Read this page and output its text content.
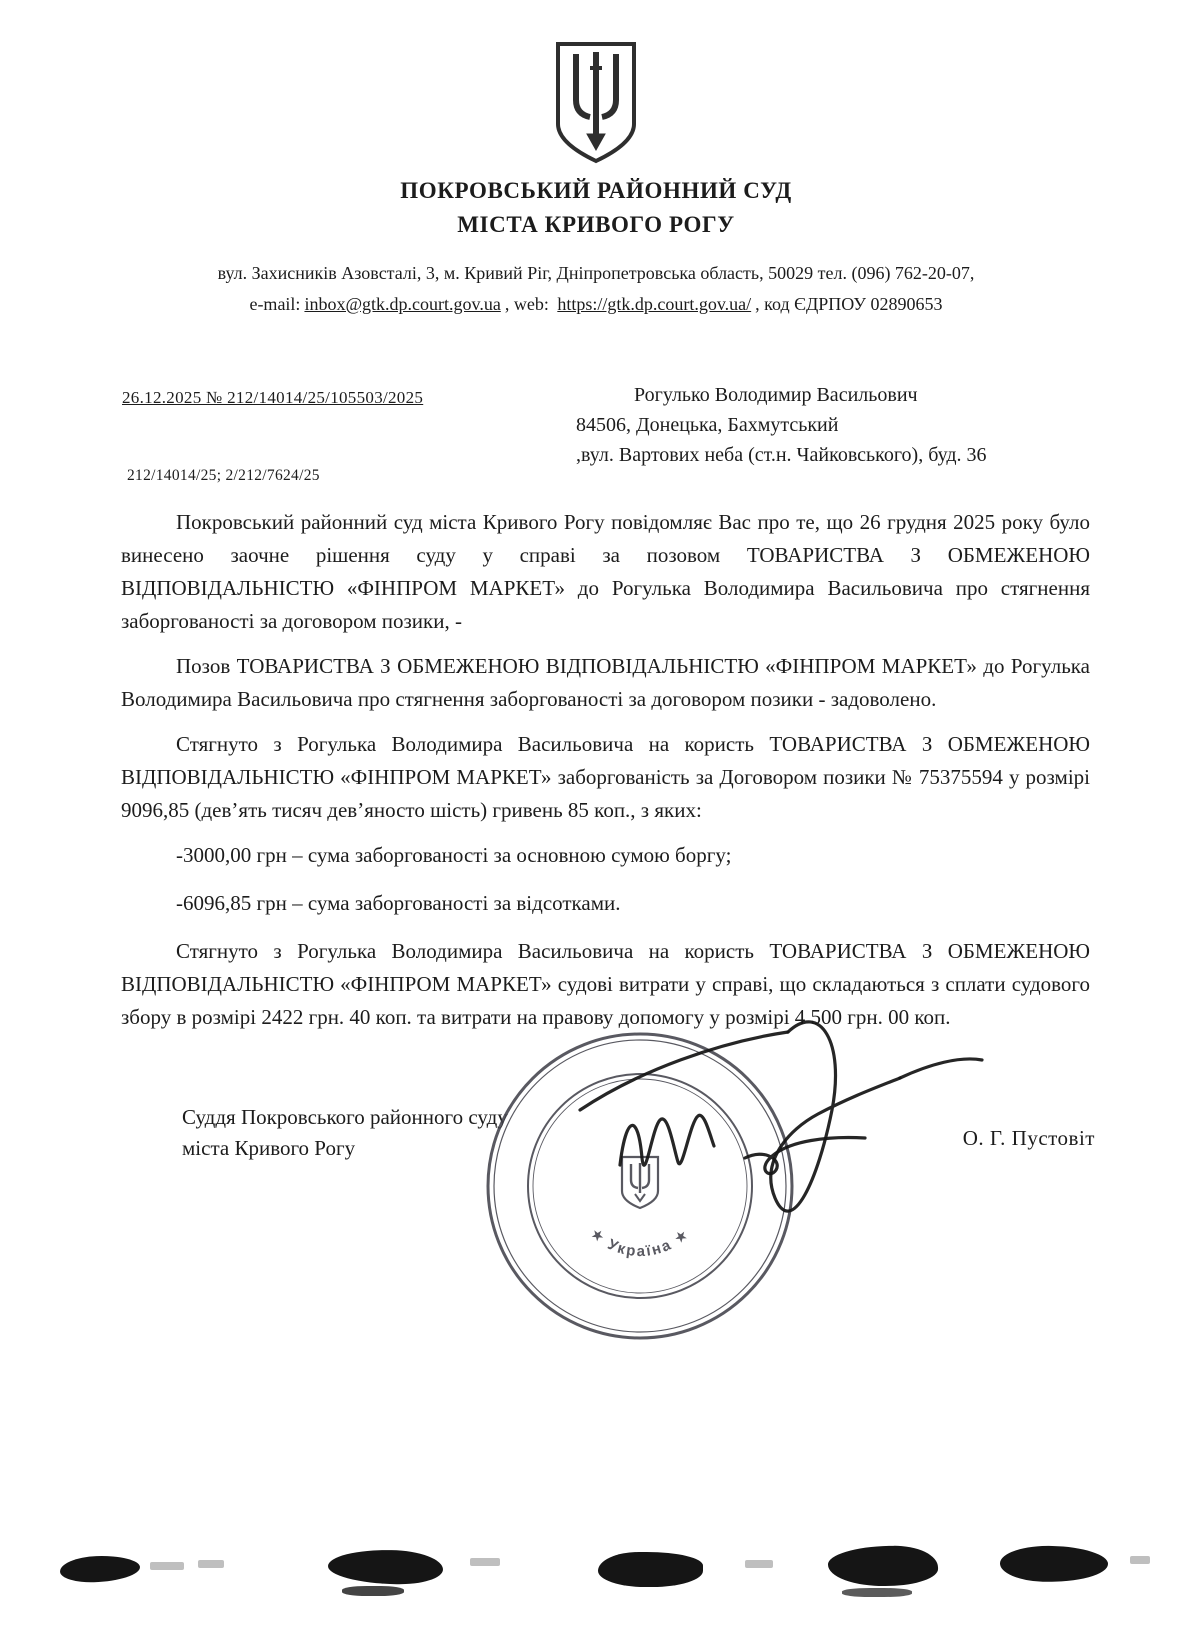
ПОКРОВСЬКИЙ РАЙОННИЙ СУД
МІСТА КРИВОГО РОГУ
вул. Захисників Азовсталі, 3, м. Кривий Ріг, Дніпропетровська область, 50029 тел. (096) 762-20-07,
e-mail: inbox@gtk.dp.court.gov.ua , web: https://gtk.dp.court.gov.ua/ , код ЄДРПОУ 02890653
26.12.2025 № 212/14014/25/105503/2025	Рогулько Володимир Васильович
84506, Донецька, Бахмутський
,вул. Вартових неба (ст.н. Чайковського), буд. 36
212/14014/25; 2/212/7624/25

Покровський районний суд міста Кривого Рогу повідомляє Вас про те, що 26 грудня 2025 року було винесено заочне рішення суду у справі за позовом ТОВАРИСТВА З ОБМЕЖЕНОЮ ВІДПОВІДАЛЬНІСТЮ «ФІНПРОМ МАРКЕТ» до Рогулька Володимира Васильовича про стягнення заборгованості за договором позики, -

Позов ТОВАРИСТВА З ОБМЕЖЕНОЮ ВІДПОВІДАЛЬНІСТЮ «ФІНПРОМ МАРКЕТ» до Рогулька Володимира Васильовича про стягнення заборгованості за договором позики - задоволено.

Стягнуто з Рогулька Володимира Васильовича на користь ТОВАРИСТВА З ОБМЕЖЕНОЮ ВІДПОВІДАЛЬНІСТЮ «ФІНПРОМ МАРКЕТ» заборгованість за Договором позики № 75375594 у розмірі 9096,85 (дев’ять тисяч дев’яносто шість) гривень 85 коп., з яких:

-3000,00 грн – сума заборгованості за основною сумою боргу;

-6096,85 грн – сума заборгованості за відсотками.

Стягнуто з Рогулька Володимира Васильовича на користь ТОВАРИСТВА З ОБМЕЖЕНОЮ ВІДПОВІДАЛЬНІСТЮ «ФІНПРОМ МАРКЕТ» судові витрати у справі, що складаються з сплати судового збору в розмірі 2422 грн. 40 коп. та витрати на правову допомогу у розмірі 4 500 грн. 00 коп.

Суддя Покровського районного суду
міста Кривого Рогу	О. Г. Пустовіт
★ Україна ★
